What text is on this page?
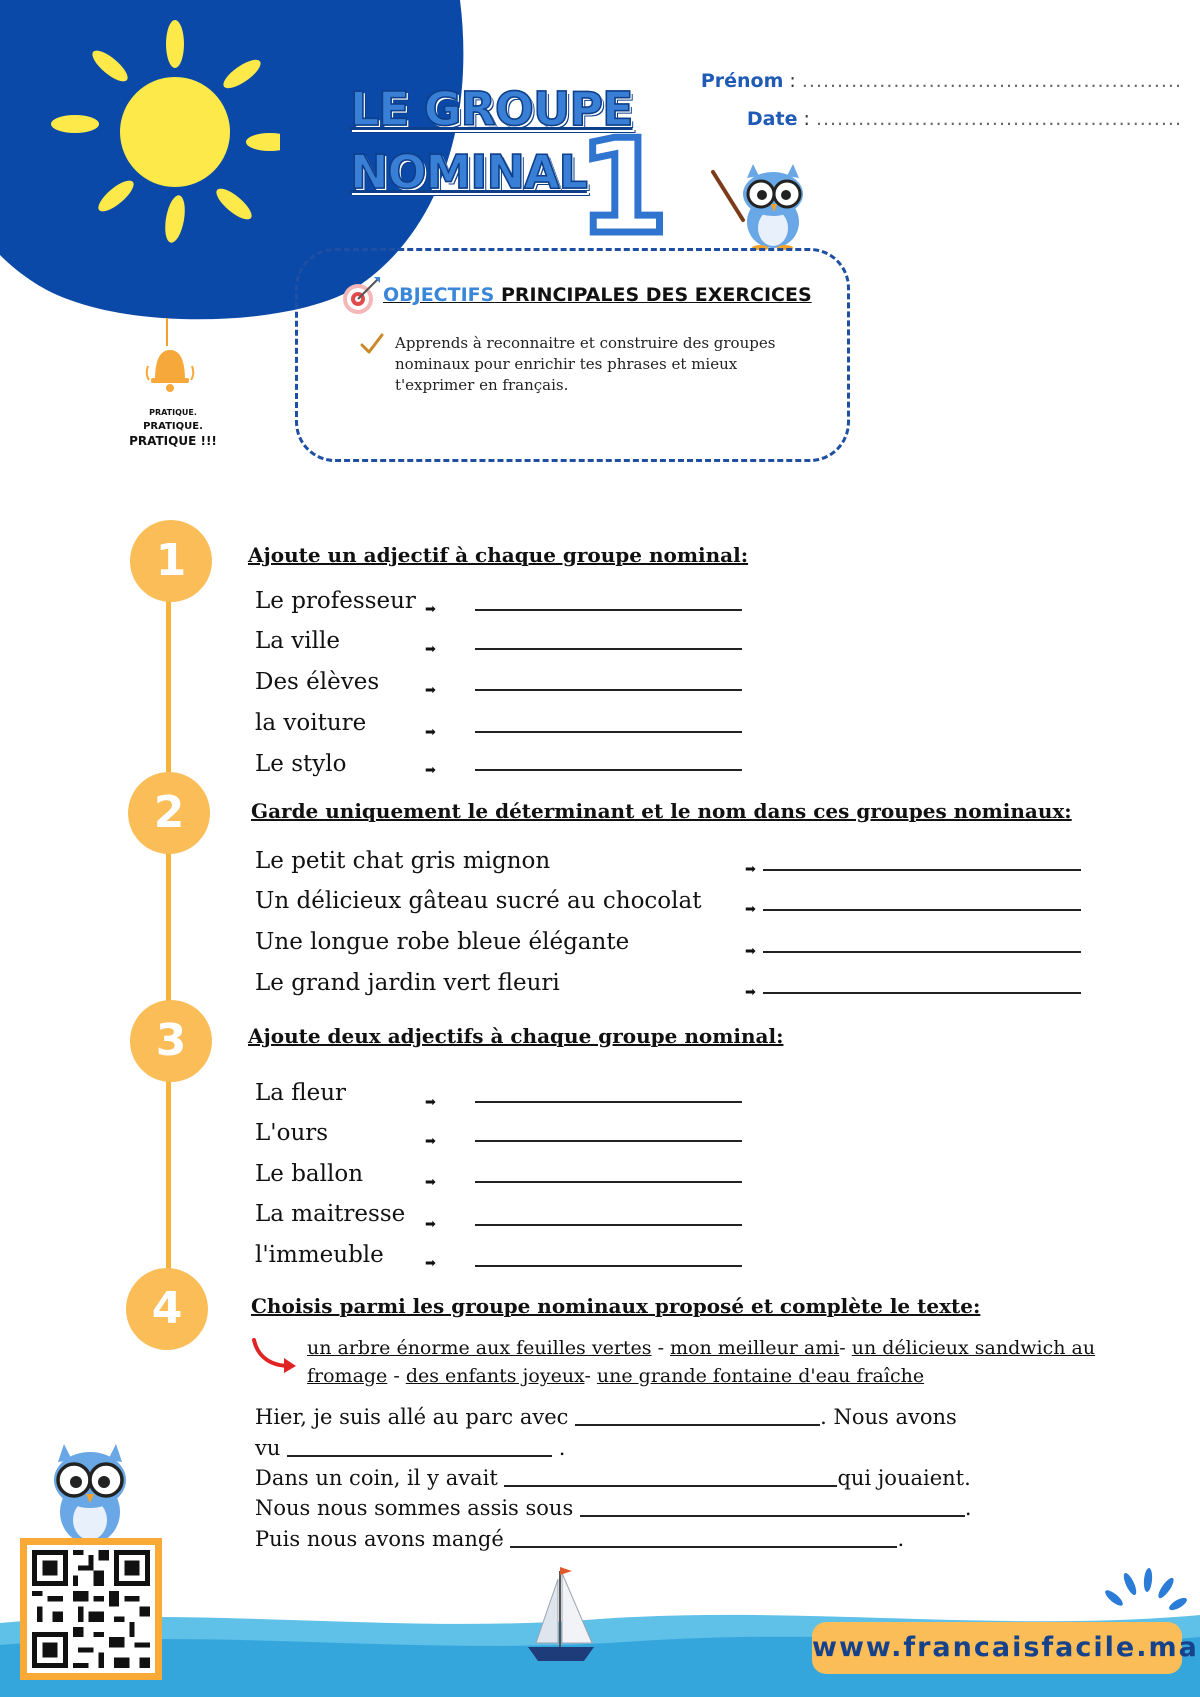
LE GROUPE
NOMINAL
1
Prénom : ......................................................
Date : ....................................................
OBJECTIFS PRINCIPALES DES EXERCICES
Apprends à reconnaitre et construire des groupes nominaux pour enrichir tes phrases et mieux t'exprimer en français.
PRATIQUE.
PRATIQUE.
PRATIQUE !!!
1
2
3
4
Ajoute un adjectif à chaque groupe nominal:
Le professeur ➡
La ville	➡
Des élèves	➡
la voiture	➡
Le stylo	➡
Garde uniquement le déterminant et le nom dans ces groupes nominaux:
Le petit chat gris mignon	➡
Un délicieux gâteau sucré au chocolat	➡
Une longue robe bleue élégante	➡
Le grand jardin vert fleuri	➡
Ajoute deux adjectifs à chaque groupe nominal:
La fleur	➡
L'ours	➡
Le ballon	➡
La maitresse ➡
l'immeuble	➡
Choisis parmi les groupe nominaux proposé et complète le texte:
un arbre énorme aux feuilles vertes - mon meilleur ami- un délicieux sandwich au fromage - des enfants joyeux- une grande fontaine d'eau fraîche
Hier, je suis allé au parc avec	. Nous avons
vu	.
Dans un coin, il y avait	qui jouaient.
Nous nous sommes assis sous	.
Puis nous avons mangé	.
www.francaisfacile.ma
